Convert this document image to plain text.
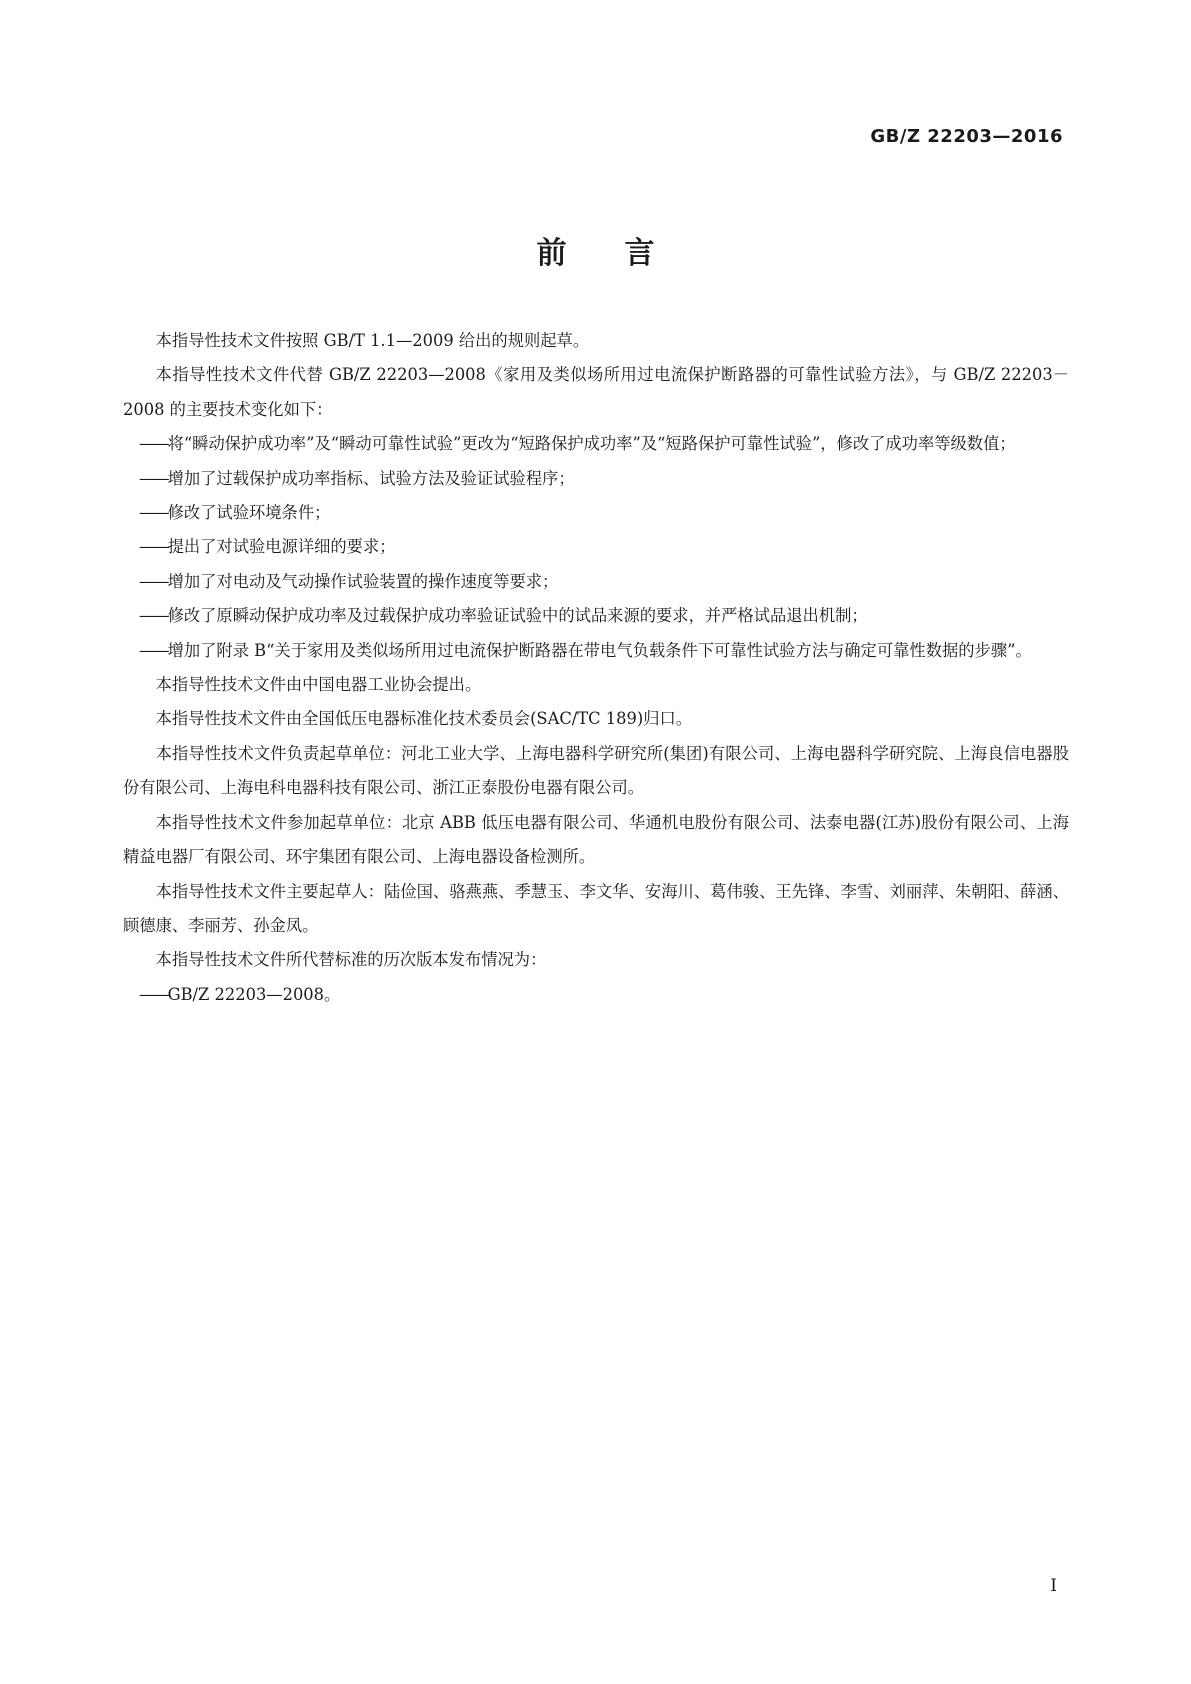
GB/Z 22203—2016
前 言

本指导性技术文件按照 GB/T 1.1—2009 给出的规则起草。

本指导性技术文件代替 GB/Z 22203—2008《家用及类似场所用过电流保护断路器的可靠性试验方法》，与 GB/Z 22203－2008 的主要技术变化如下：

——将“瞬动保护成功率”及“瞬动可靠性试验”更改为“短路保护成功率”及“短路保护可靠性试验”，修改了成功率等级数值；

——增加了过载保护成功率指标、试验方法及验证试验程序；

——修改了试验环境条件；

——提出了对试验电源详细的要求；

——增加了对电动及气动操作试验装置的操作速度等要求；

——修改了原瞬动保护成功率及过载保护成功率验证试验中的试品来源的要求，并严格试品退出机制；

——增加了附录 B“关于家用及类似场所用过电流保护断路器在带电气负载条件下可靠性试验方法与确定可靠性数据的步骤”。

本指导性技术文件由中国电器工业协会提出。

本指导性技术文件由全国低压电器标准化技术委员会(SAC/TC 189)归口。

本指导性技术文件负责起草单位：河北工业大学、上海电器科学研究所(集团)有限公司、上海电器科学研究院、上海良信电器股份有限公司、上海电科电器科技有限公司、浙江正泰股份电器有限公司。

本指导性技术文件参加起草单位：北京 ABB 低压电器有限公司、华通机电股份有限公司、法泰电器(江苏)股份有限公司、上海精益电器厂有限公司、环宇集团有限公司、上海电器设备检测所。

本指导性技术文件主要起草人：陆俭国、骆燕燕、季慧玉、李文华、安海川、葛伟骏、王先锋、李雪、刘丽萍、朱朝阳、薛涵、顾德康、李丽芳、孙金凤。

本指导性技术文件所代替标准的历次版本发布情况为：

——GB/Z 22203—2008。

I
